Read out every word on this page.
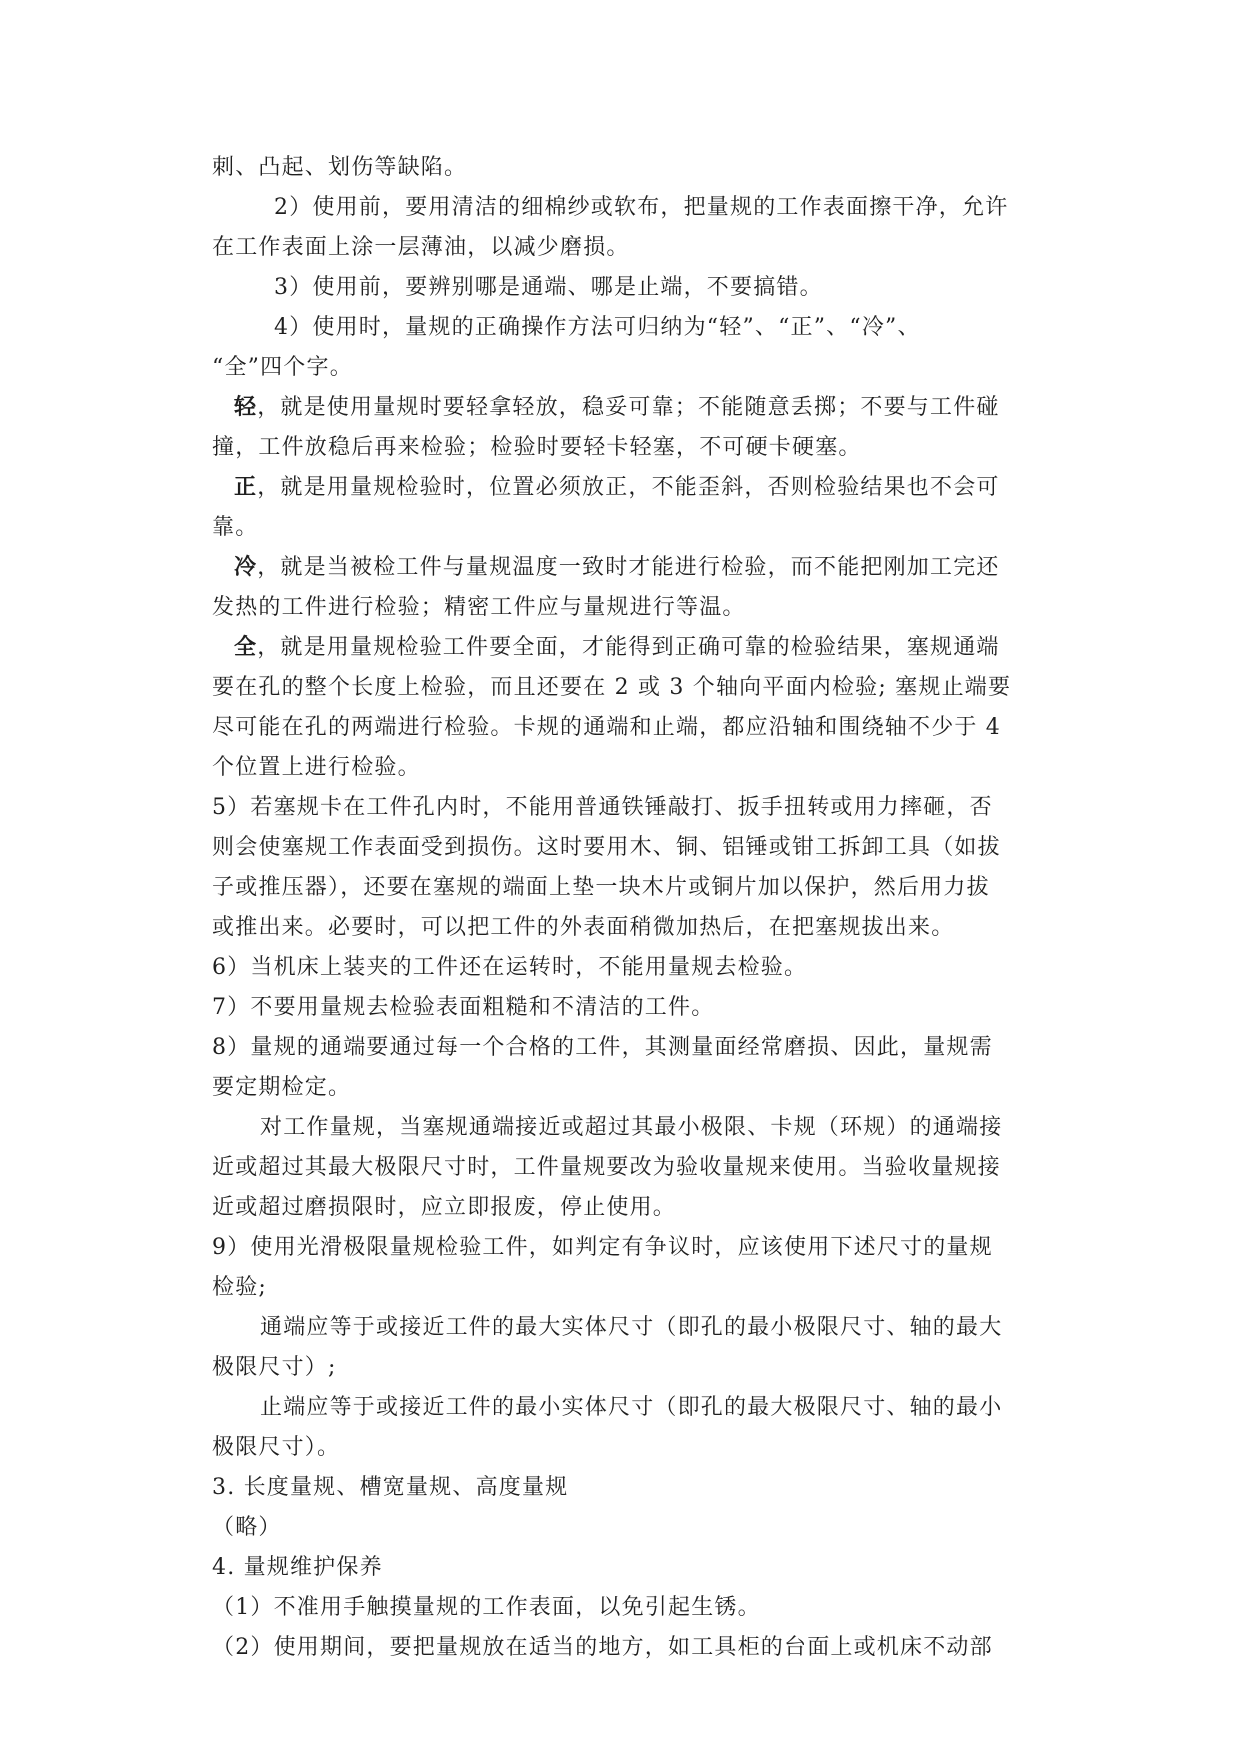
刺、凸起、划伤等缺陷。
2）使用前，要用清洁的细棉纱或软布，把量规的工作表面擦干净，允许
在工作表面上涂一层薄油，以减少磨损。
3）使用前，要辨别哪是通端、哪是止端，不要搞错。
4）使用时，量规的正确操作方法可归纳为“轻”、“正”、“冷”、
“全”四个字。
轻，就是使用量规时要轻拿轻放，稳妥可靠；不能随意丢掷；不要与工件碰
撞，工件放稳后再来检验；检验时要轻卡轻塞，不可硬卡硬塞。
正，就是用量规检验时，位置必须放正，不能歪斜，否则检验结果也不会可
靠。
冷，就是当被检工件与量规温度一致时才能进行检验，而不能把刚加工完还
发热的工件进行检验；精密工件应与量规进行等温。
全，就是用量规检验工件要全面，才能得到正确可靠的检验结果，塞规通端
要在孔的整个长度上检验，而且还要在 2 或 3 个轴向平面内检验; 塞规止端要
尽可能在孔的两端进行检验。卡规的通端和止端，都应沿轴和围绕轴不少于 4
个位置上进行检验。
5）若塞规卡在工件孔内时，不能用普通铁锤敲打、扳手扭转或用力摔砸，否
则会使塞规工作表面受到损伤。这时要用木、铜、铝锤或钳工拆卸工具（如拔
子或推压器），还要在塞规的端面上垫一块木片或铜片加以保护，然后用力拔
或推出来。必要时，可以把工件的外表面稍微加热后，在把塞规拔出来。
6）当机床上装夹的工件还在运转时，不能用量规去检验。
7）不要用量规去检验表面粗糙和不清洁的工件。
8）量规的通端要通过每一个合格的工件，其测量面经常磨损、因此，量规需
要定期检定。
对工作量规，当塞规通端接近或超过其最小极限、卡规（环规）的通端接
近或超过其最大极限尺寸时，工件量规要改为验收量规来使用。当验收量规接
近或超过磨损限时，应立即报废，停止使用。
9）使用光滑极限量规检验工件，如判定有争议时，应该使用下述尺寸的量规
检验;
通端应等于或接近工件的最大实体尺寸（即孔的最小极限尺寸、轴的最大
极限尺寸）;
止端应等于或接近工件的最小实体尺寸（即孔的最大极限尺寸、轴的最小
极限尺寸）。
3. 长度量规、槽宽量规、高度量规
（略）
4. 量规维护保养
（1）不准用手触摸量规的工作表面，以免引起生锈。
（2）使用期间，要把量规放在适当的地方，如工具柜的台面上或机床不动部
